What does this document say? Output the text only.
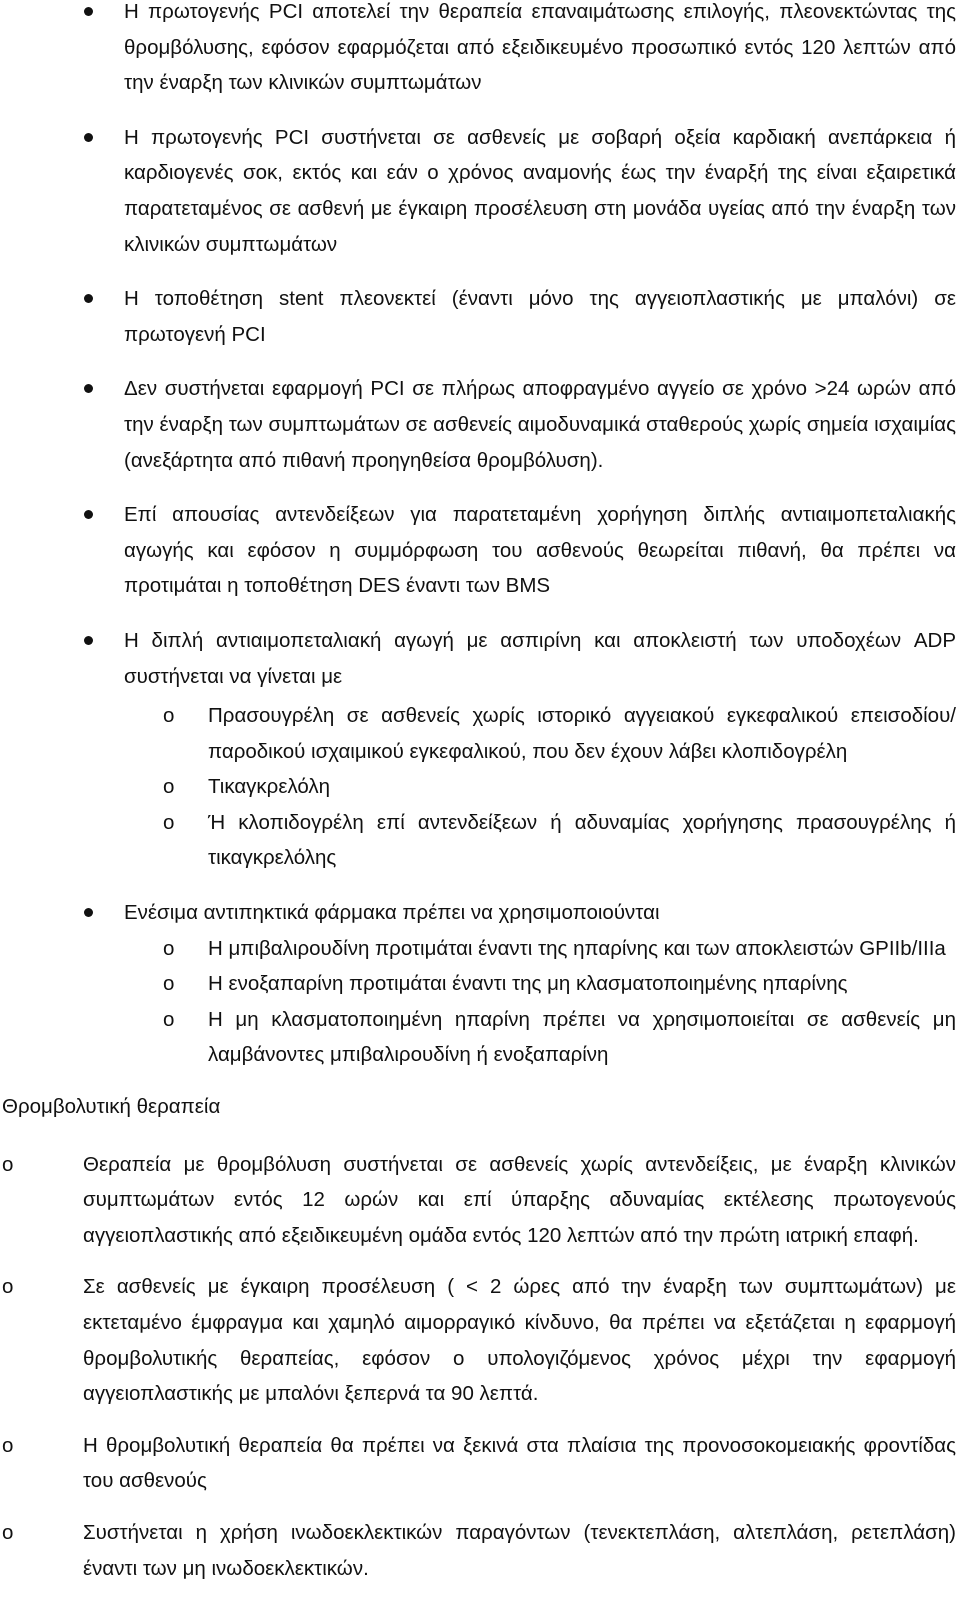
Η πρωτογενής PCI αποτελεί την θεραπεία επαναιμάτωσης επιλογής, πλεονεκτώντας της θρομβόλυσης, εφόσον εφαρμόζεται από εξειδικευμένο προσωπικό εντός 120 λεπτών από την έναρξη των κλινικών συμπτωμάτων
Η πρωτογενής PCI συστήνεται σε ασθενείς με σοβαρή οξεία καρδιακή ανεπάρκεια ή καρδιογενές σοκ, εκτός και εάν ο χρόνος αναμονής έως την έναρξή της είναι εξαιρετικά παρατεταμένος σε ασθενή με έγκαιρη προσέλευση στη μονάδα υγείας από την έναρξη των κλινικών συμπτωμάτων
Η τοποθέτηση stent πλεονεκτεί (έναντι μόνο της αγγειοπλαστικής με μπαλόνι) σε πρωτογενή PCI
Δεν συστήνεται εφαρμογή PCI σε πλήρως αποφραγμένο αγγείο σε χρόνο >24 ωρών από την έναρξη των συμπτωμάτων σε ασθενείς αιμοδυναμικά σταθερούς χωρίς σημεία ισχαιμίας (ανεξάρτητα από πιθανή προηγηθείσα θρομβόλυση).
Επί απουσίας αντενδείξεων για παρατεταμένη χορήγηση διπλής αντιαιμοπεταλιακής αγωγής και εφόσον η συμμόρφωση του ασθενούς θεωρείται πιθανή, θα πρέπει να προτιμάται η τοποθέτηση DES έναντι των BMS
Η διπλή αντιαιμοπεταλιακή αγωγή με ασπιρίνη και αποκλειστή των υποδοχέων ADP συστήνεται να γίνεται με
o Πρασουγρέλη σε ασθενείς χωρίς ιστορικό αγγειακού εγκεφαλικού επεισοδίου/παροδικού ισχαιμικού εγκεφαλικού, που δεν έχουν λάβει κλοπιδογρέλη
o Τικαγκρελόλη
o Ή κλοπιδογρέλη επί αντενδείξεων ή αδυναμίας χορήγησης πρασουγρέλης ή τικαγκρελόλης
Ενέσιμα αντιπηκτικά φάρμακα πρέπει να χρησιμοποιούνται
o Η μπιβαλιρουδίνη προτιμάται έναντι της ηπαρίνης και των αποκλειστών GPIIb/IIIa
o Η ενοξαπαρίνη προτιμάται έναντι της μη κλασματοποιημένης ηπαρίνης
o Η μη κλασματοποιημένη ηπαρίνη πρέπει να χρησιμοποιείται σε ασθενείς μη λαμβάνοντες μπιβαλιρουδίνη ή ενοξαπαρίνη
Θρομβολυτική θεραπεία
o	Θεραπεία με θρομβόλυση συστήνεται σε ασθενείς χωρίς αντενδείξεις, με έναρξη κλινικών συμπτωμάτων εντός 12 ωρών και επί ύπαρξης αδυναμίας εκτέλεσης πρωτογενούς αγγειοπλαστικής από εξειδικευμένη ομάδα εντός 120 λεπτών από την πρώτη ιατρική επαφή.
o	Σε ασθενείς με έγκαιρη προσέλευση ( < 2 ώρες από την έναρξη των συμπτωμάτων) με εκτεταμένο έμφραγμα και χαμηλό αιμορραγικό κίνδυνο, θα πρέπει να εξετάζεται η εφαρμογή θρομβολυτικής θεραπείας, εφόσον ο υπολογιζόμενος χρόνος μέχρι την εφαρμογή αγγειοπλαστικής με μπαλόνι ξεπερνά τα 90 λεπτά.
o	Η θρομβολυτική θεραπεία θα πρέπει να ξεκινά στα πλαίσια της προνοσοκομειακής φροντίδας του ασθενούς
o	Συστήνεται η χρήση ινωδοεκλεκτικών παραγόντων (τενεκτεπλάση, αλτεπλάση, ρετεπλάση) έναντι των μη ινωδοεκλεκτικών.
